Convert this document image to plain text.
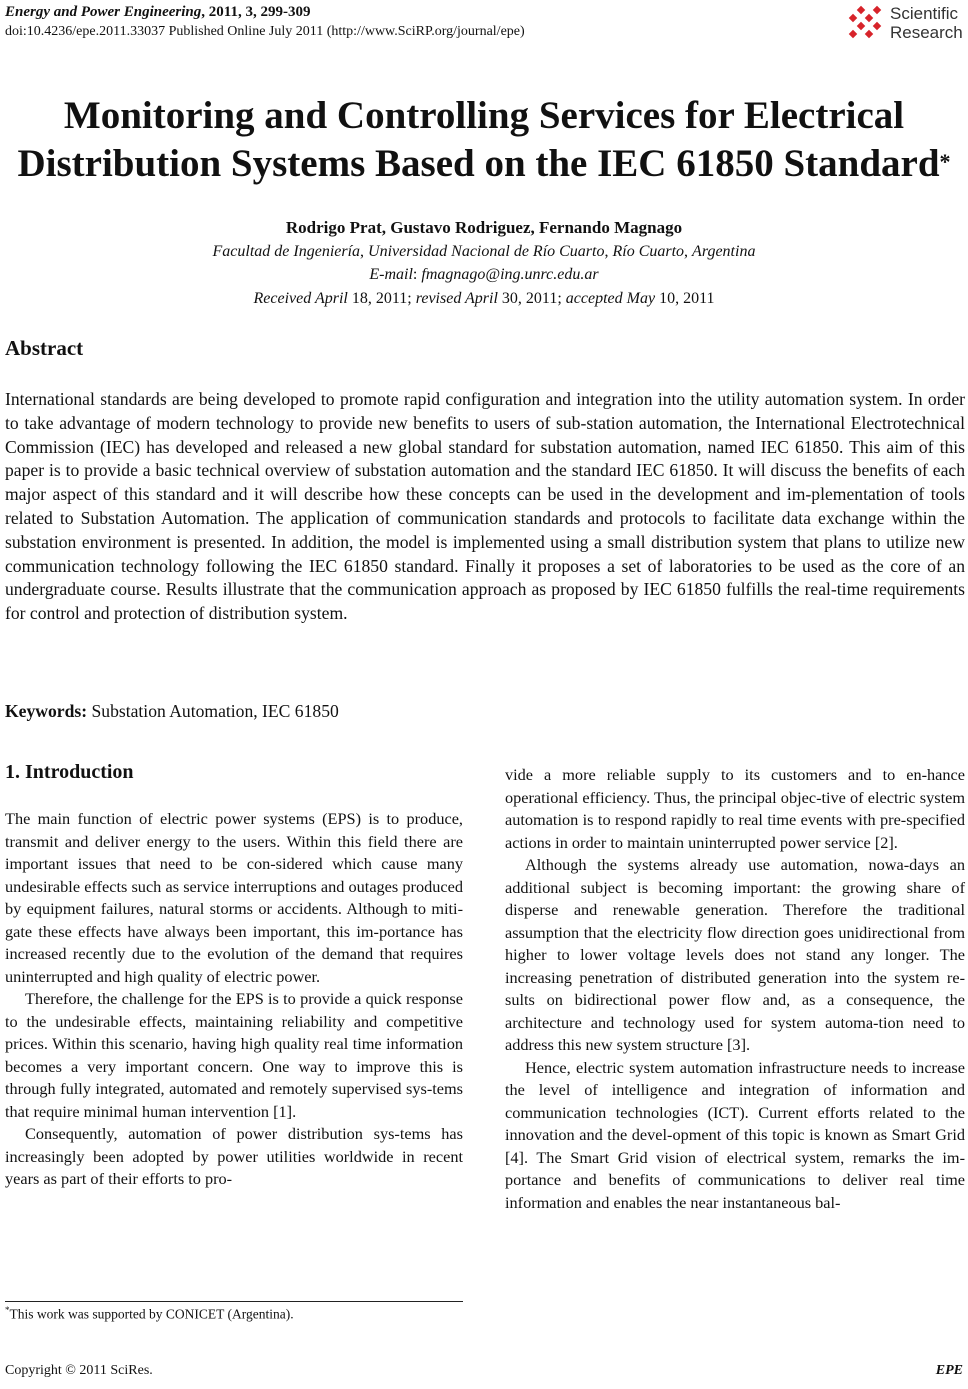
Energy and Power Engineering, 2011, 3, 299-309
doi:10.4236/epe.2011.33037 Published Online July 2011 (http://www.SciRP.org/journal/epe)
Scientific
Research
Monitoring and Controlling Services for Electrical
Distribution Systems Based on the IEC 61850 Standard*
Rodrigo Prat, Gustavo Rodriguez, Fernando Magnago
Facultad de Ingeniería, Universidad Nacional de Río Cuarto, Río Cuarto, Argentina
E-mail: fmagnago@ing.unrc.edu.ar
Received April 18, 2011; revised April 30, 2011; accepted May 10, 2011
Abstract
International standards are being developed to promote rapid configuration and integration into the utility automation system. In order to take advantage of modern technology to provide new benefits to users of sub-station automation, the International Electrotechnical Commission (IEC) has developed and released a new global standard for substation automation, named IEC 61850. This aim of this paper is to provide a basic technical overview of substation automation and the standard IEC 61850. It will discuss the benefits of each major aspect of this standard and it will describe how these concepts can be used in the development and im-plementation of tools related to Substation Automation. The application of communication standards and protocols to facilitate data exchange within the substation environment is presented. In addition, the model is implemented using a small distribution system that plans to utilize new communication technology following the IEC 61850 standard. Finally it proposes a set of laboratories to be used as the core of an undergraduate course. Results illustrate that the communication approach as proposed by IEC 61850 fulfills the real-time requirements for control and protection of distribution system.
Keywords: Substation Automation, IEC 61850
1. Introduction

The main function of electric power systems (EPS) is to produce, transmit and deliver energy to the users. Within this field there are important issues that need to be con-sidered which cause many undesirable effects such as service interruptions and outages produced by equipment failures, natural storms or accidents. Although to miti-gate these effects have always been important, this im-portance has increased recently due to the evolution of the demand that requires uninterrupted and high quality of electric power.

Therefore, the challenge for the EPS is to provide a quick response to the undesirable effects, maintaining reliability and competitive prices. Within this scenario, having high quality real time information becomes a very important concern. One way to improve this is through fully integrated, automated and remotely supervised sys-tems that require minimal human intervention [1].

Consequently, automation of power distribution sys-tems has increasingly been adopted by power utilities worldwide in recent years as part of their efforts to pro-

vide a more reliable supply to its customers and to en-hance operational efficiency. Thus, the principal objec-tive of electric system automation is to respond rapidly to real time events with pre-specified actions in order to maintain uninterrupted power service [2].

Although the systems already use automation, nowa-days an additional subject is becoming important: the growing share of disperse and renewable generation. Therefore the traditional assumption that the electricity flow direction goes unidirectional from higher to lower voltage levels does not stand any longer. The increasing penetration of distributed generation into the system re-sults on bidirectional power flow and, as a consequence, the architecture and technology used for system automa-tion need to address this new system structure [3].

Hence, electric system automation infrastructure needs to increase the level of intelligence and integration of information and communication technologies (ICT). Current efforts related to the innovation and the devel-opment of this topic is known as Smart Grid [4]. The Smart Grid vision of electrical system, remarks the im-portance and benefits of communications to deliver real time information and enables the near instantaneous bal-

*This work was supported by CONICET (Argentina).
Copyright © 2011 SciRes.	EPE
